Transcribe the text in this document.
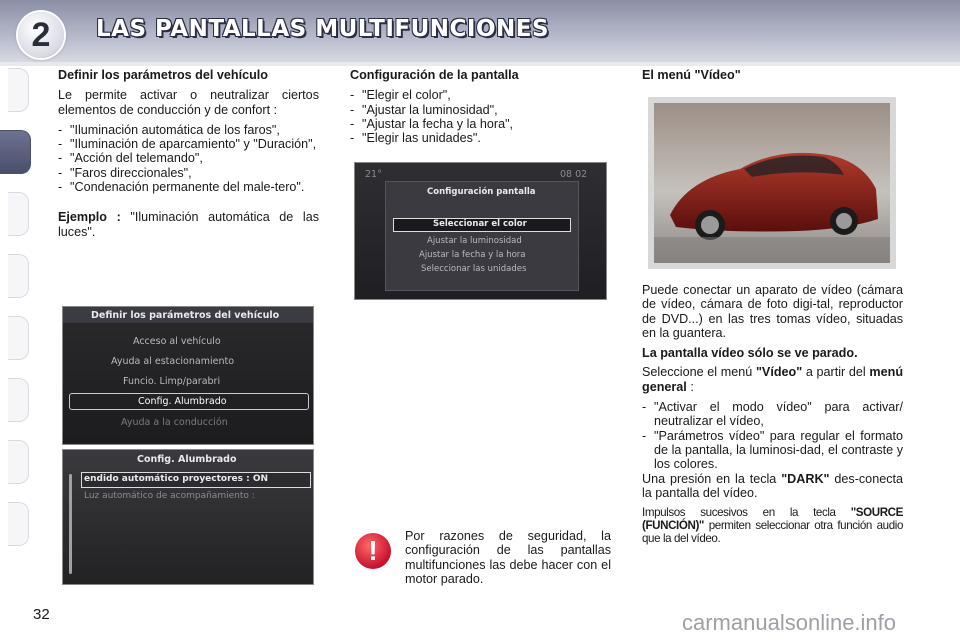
2	LAS PANTALLAS MULTIFUNCIONES

Definir los parámetros del vehículo

Le permite activar o neutralizar ciertos elementos de conducción y de confort :

- "Iluminación automática de los faros",
- "Iluminación de aparcamiento" y "Duración",
- "Acción del telemando",
- "Faros direccionales",
- "Condenación permanente del male-tero".

Ejemplo : "Iluminación automática de las luces".

Definir los parámetros del vehículo
Acceso al vehículo
Ayuda al estacionamiento
Funcio. Limp/parabri
Config. Alumbrado
Ayuda a la conducción
Config. Alumbrado
endido automático proyectores : ON
Luz automático de acompañamiento :

Configuración de la pantalla

- "Elegir el color",
- "Ajustar la luminosidad",
- "Ajustar la fecha y la hora",
- "Elegir las unidades".
21°	08 02
Configuración pantalla
Seleccionar el color
Ajustar la luminosidad
Ajustar la fecha y la hora
Seleccionar las unidades
!	Por razones de seguridad, la configuración de las pantallas multifunciones las debe hacer con el motor parado.

El menú "Vídeo"

Puede conectar un aparato de vídeo (cámara de vídeo, cámara de foto digi-tal, reproductor de DVD...) en las tres tomas vídeo, situadas en la guantera.

La pantalla vídeo sólo se ve parado.

Seleccione el menú "Vídeo" a partir del menú general :

- "Activar el modo vídeo" para activar/ neutralizar el vídeo,
- "Parámetros vídeo" para regular el formato de la pantalla, la luminosi-dad, el contraste y los colores.

Una presión en la tecla "DARK" des-conecta la pantalla del vídeo.

Impulsos sucesivos en la tecla "SOURCE (FUNCIÓN)" permiten seleccionar otra función audio que la del vídeo.

32	carmanualsonline.info
